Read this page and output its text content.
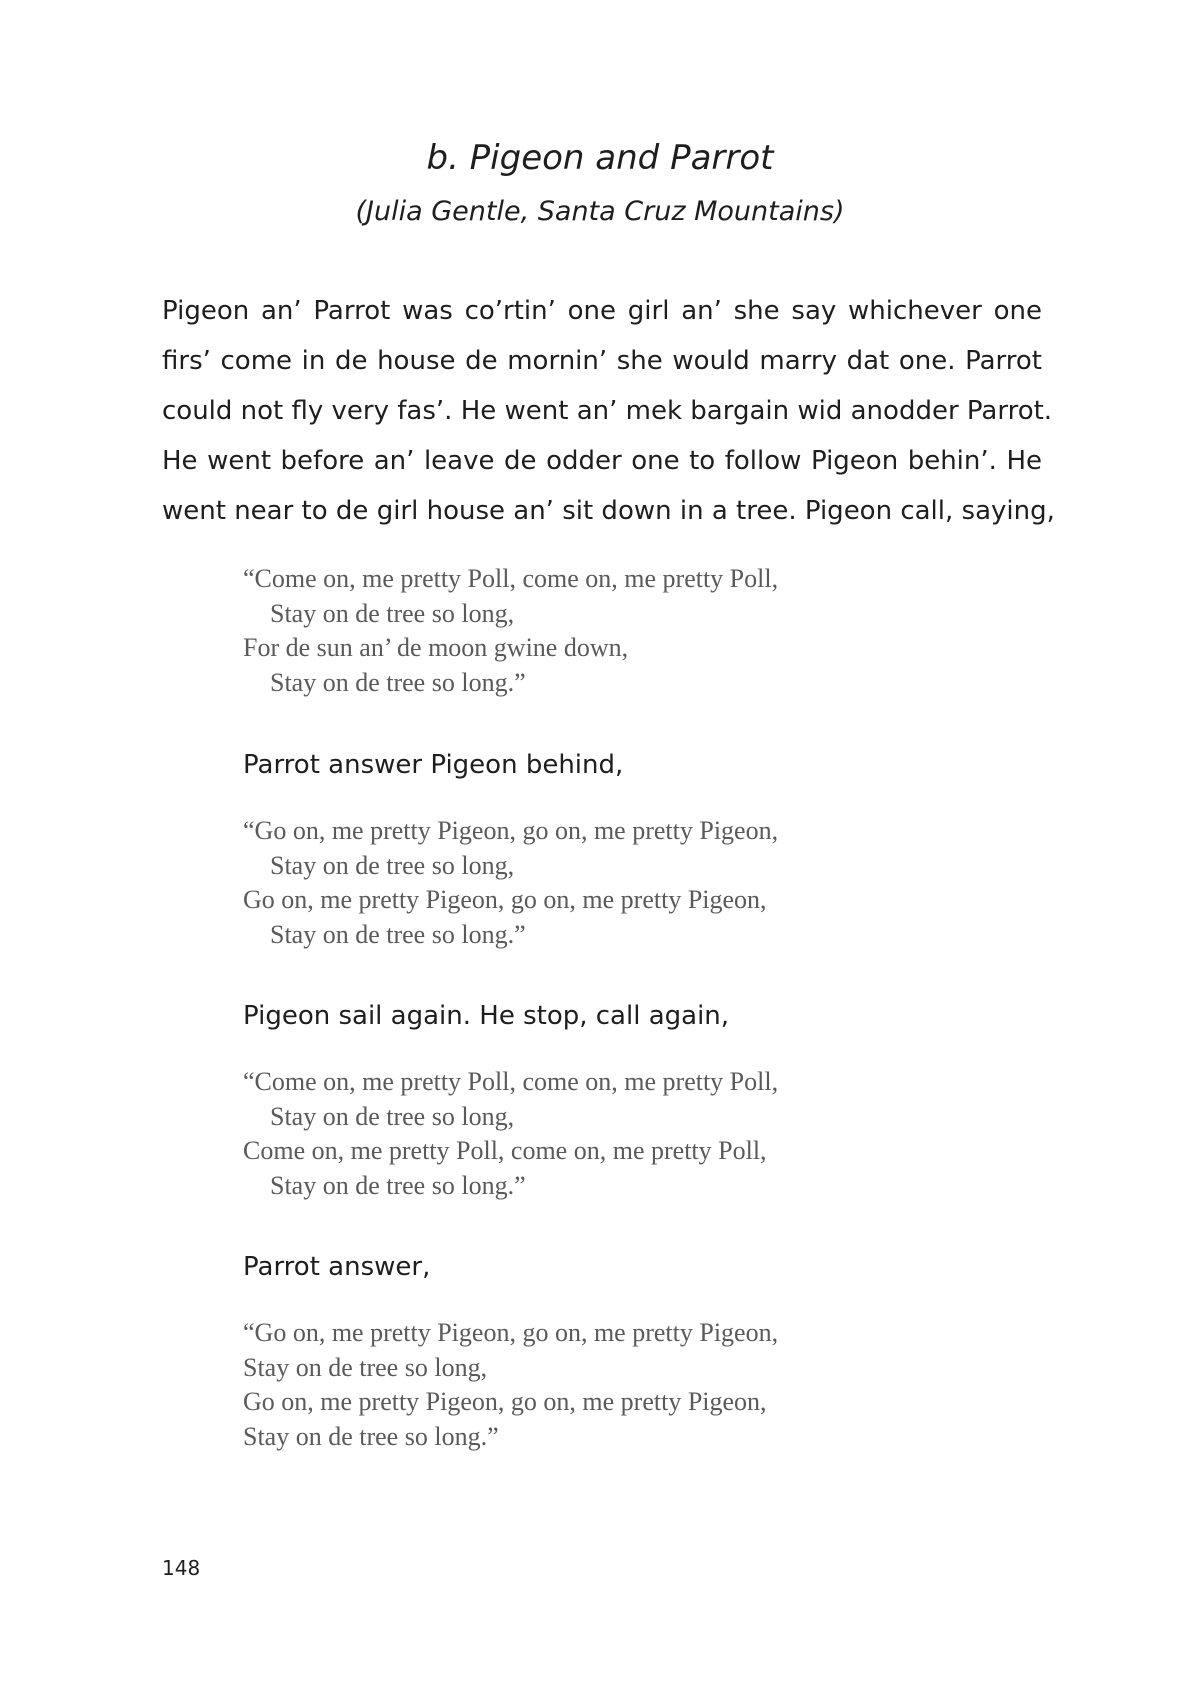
b. Pigeon and Parrot
(Julia Gentle, Santa Cruz Mountains)
Pigeon an’ Parrot was co’rtin’ one girl an’ she say whichever one
firs’ come in de house de mornin’ she would marry dat one. Parrot
could not fly very fas’. He went an’ mek bargain wid anodder Parrot.
He went before an’ leave de odder one to follow Pigeon behin’. He
went near to de girl house an’ sit down in a tree. Pigeon call, saying,
“Come on, me pretty Poll, come on, me pretty Poll,
Stay on de tree so long,
For de sun an’ de moon gwine down,
Stay on de tree so long.”
Parrot answer Pigeon behind,
“Go on, me pretty Pigeon, go on, me pretty Pigeon,
Stay on de tree so long,
Go on, me pretty Pigeon, go on, me pretty Pigeon,
Stay on de tree so long.”
Pigeon sail again. He stop, call again,
“Come on, me pretty Poll, come on, me pretty Poll,
Stay on de tree so long,
Come on, me pretty Poll, come on, me pretty Poll,
Stay on de tree so long.”
Parrot answer,
“Go on, me pretty Pigeon, go on, me pretty Pigeon,
Stay on de tree so long,
Go on, me pretty Pigeon, go on, me pretty Pigeon,
Stay on de tree so long.”
148
